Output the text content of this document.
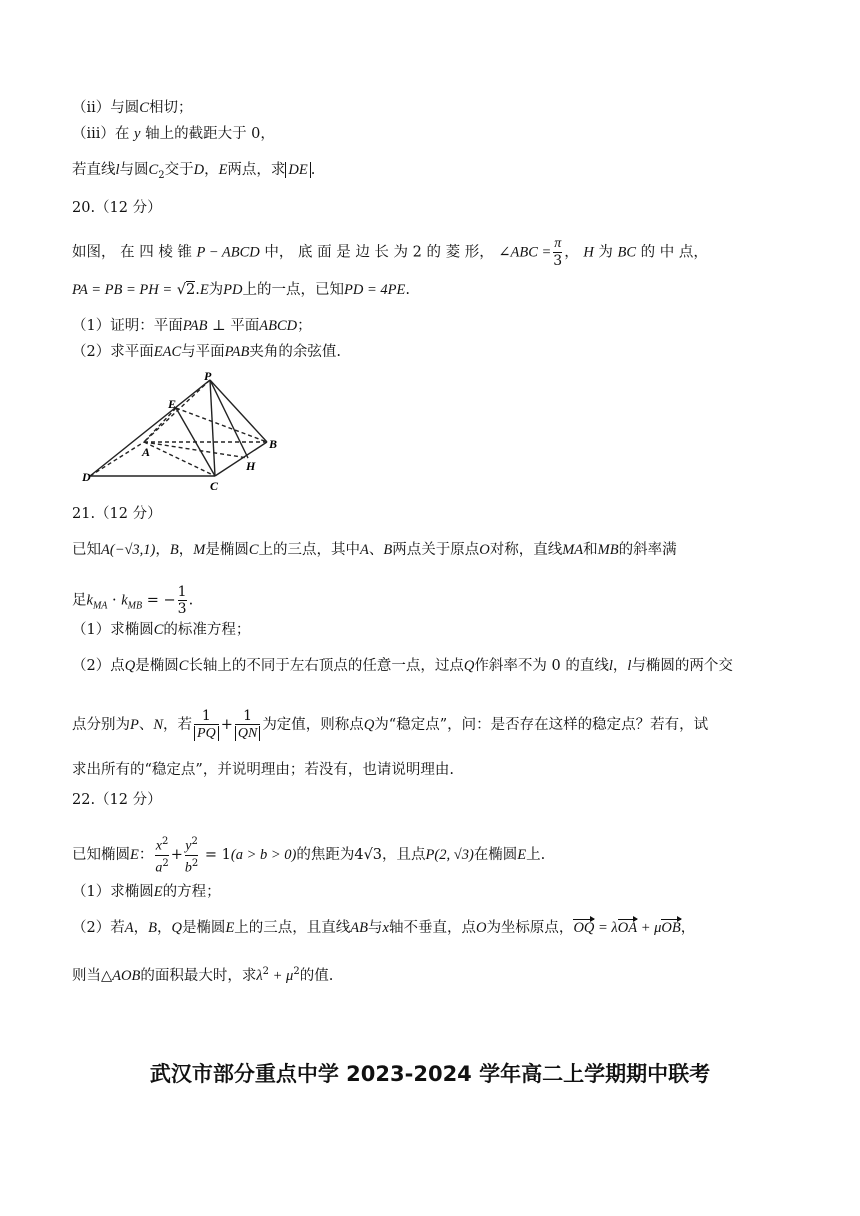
（ii）与圆C相切；
（iii）在 y 轴上的截距大于 0，
若直线l与圆$C_2$交于D，E两点，求 DE .
20.（12 分）
如图， 在 四 棱 锥 P − ABCD 中， 底 面 是 边 长 为 2 的 菱 形， ∠ABC = $\frac{\pi}{3}$ ， H 为 BC 的 中 点，
PA = PB = PH = √2.E为PD上的一点，已知PD = 4PE.
（1）证明：平面PAB ⊥ 平面ABCD；
（2）求平面EAC与平面PAB夹角的余弦值.
P
E
A
B
D
H
C
21.（12 分）
已知A(−√3,1)，B，M是椭圆C上的三点，其中A、B两点关于原点O对称，直线MA和MB的斜率满
足$k_{MA} \cdot k_{MB}$ = − $\frac{1}{3}$ .
（1）求椭圆C的标准方程；
（2）点Q是椭圆C长轴上的不同于左右顶点的任意一点，过点Q作斜率不为 0 的直线l，l与椭圆的两个交
点分别为P、N，若 $\frac{1}{PQ} + \frac{1}{QN}$ 为定值，则称点Q为“稳定点”，问：是否存在这样的稳定点？若有，试
求出所有的“稳定点”，并说明理由；若没有，也请说明理由.
22.（12 分）
已知椭圆E： $\frac{x^2}{a^2} + \frac{y^2}{b^2} = 1(a > b > 0)$的焦距为4√3，且点P(2, √3)在椭圆E上.
（1）求椭圆E的方程；
（2）若A，B，Q是椭圆E上的三点，且直线AB与x轴不垂直，点O为坐标原点，OQ = λOA + μOB，
则当△AOB的面积最大时，求$\lambda^2 + \mu^2$的值.
武汉市部分重点中学 2023-2024 学年高二上学期期中联考
